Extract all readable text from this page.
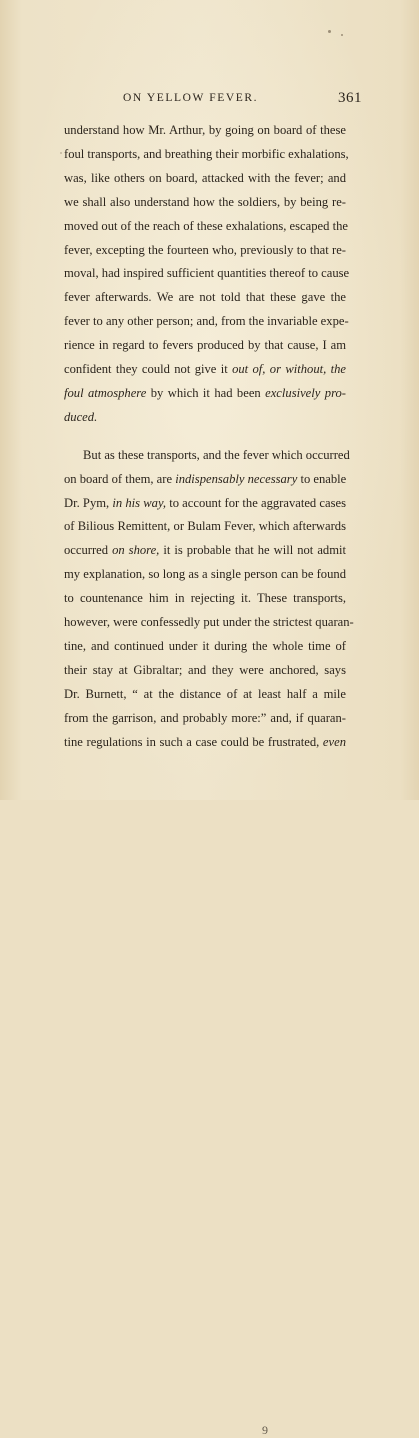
ON YELLOW FEVER.	361
understand how Mr. Arthur, by going on board of these
foul transports, and breathing their morbific exhalations,
was, like others on board, attacked with the fever; and
we shall also understand how the soldiers, by being re-
moved out of the reach of these exhalations, escaped the
fever, excepting the fourteen who, previously to that re-
moval, had inspired sufficient quantities thereof to cause
fever afterwards. We are not told that these gave the
fever to any other person; and, from the invariable expe-
rience in regard to fevers produced by that cause, I am
confident they could not give it out of, or without, the
foul atmosphere by which it had been exclusively pro-
duced.
But as these transports, and the fever which occurred
on board of them, are indispensably necessary to enable
Dr. Pym, in his way, to account for the aggravated cases
of Bilious Remittent, or Bulam Fever, which afterwards
occurred on shore, it is probable that he will not admit
my explanation, so long as a single person can be found
to countenance him in rejecting it. These transports,
however, were confessedly put under the strictest quaran-
tine, and continued under it during the whole time of
their stay at Gibraltar; and they were anchored, says
Dr. Burnett, “ at the distance of at least half a mile
from the garrison, and probably more:” and, if quaran-
tine regulations in such a case could be frustrated, even
9
